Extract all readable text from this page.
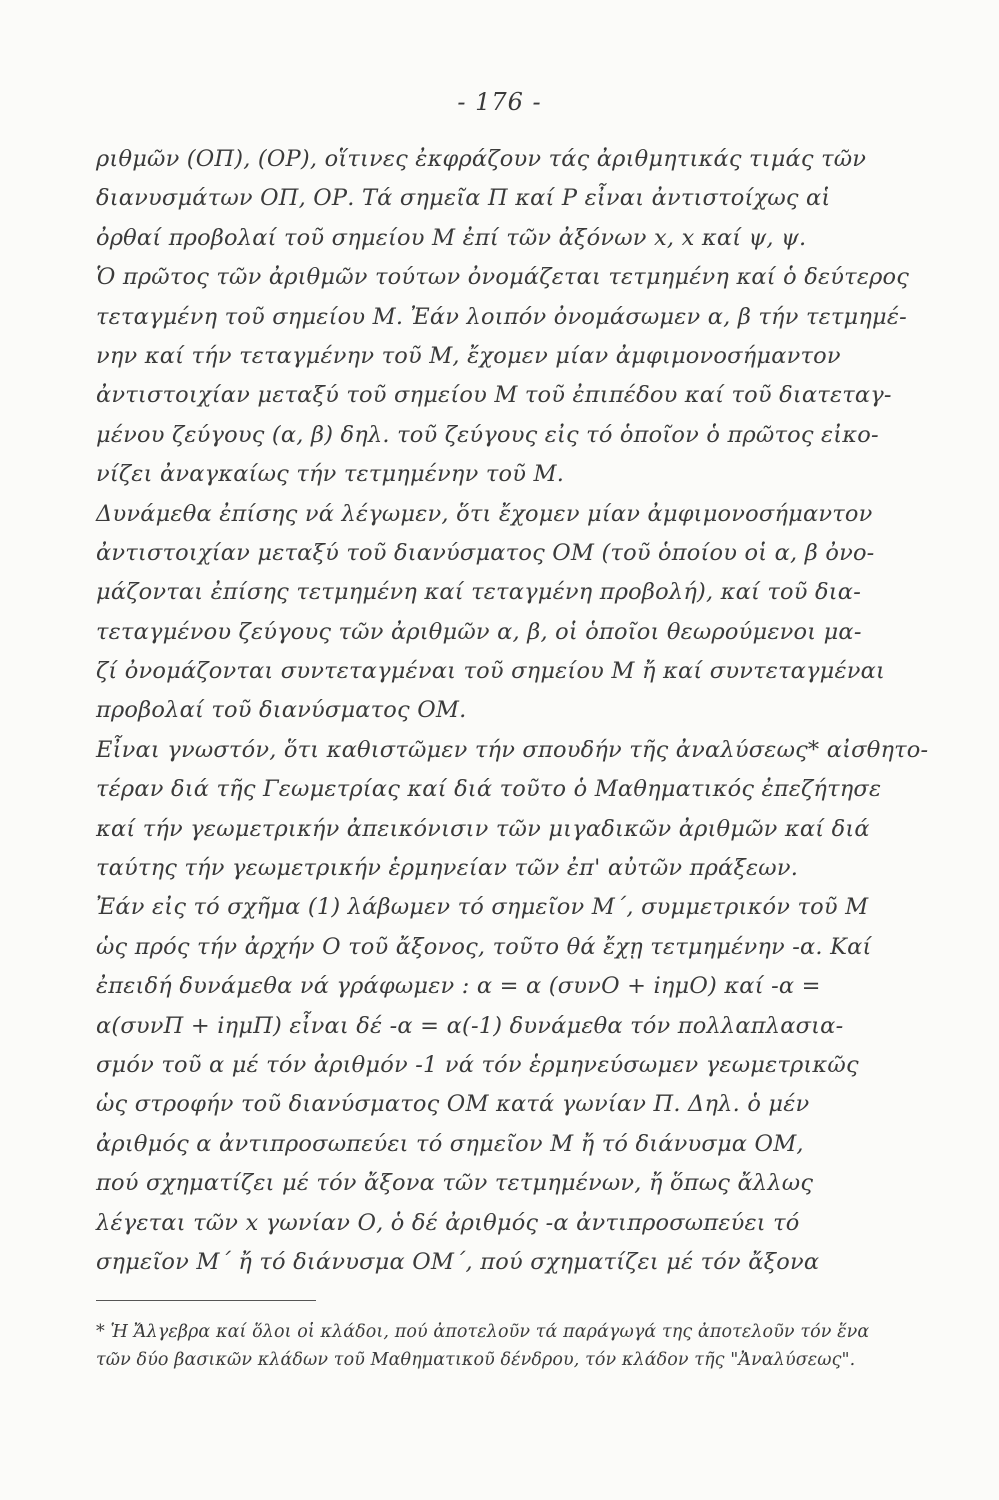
- 176 -
ριθμῶν (ΟΠ), (ΟΡ), οἵτινες ἐκφράζουν τάς ἀριθμητικάς τιμάς τῶν
διανυσμάτων ΟΠ, ΟΡ. Τά σημεῖα Π καί Ρ εἶναι ἀντιστοίχως αἱ
ὀρθαί προβολαί τοῦ σημείου Μ ἐπί τῶν ἀξόνων x, x καί ψ, ψ.
Ὁ πρῶτος τῶν ἀριθμῶν τούτων ὀνομάζεται τετμημένη καί ὁ δεύτερος
τεταγμένη τοῦ σημείου Μ. Ἐάν λοιπόν ὀνομάσωμεν α, β τήν τετμημέ-
νην καί τήν τεταγμένην τοῦ Μ, ἔχομεν μίαν ἀμφιμονοσήμαντον
ἀντιστοιχίαν μεταξύ τοῦ σημείου Μ τοῦ ἐπιπέδου καί τοῦ διατεταγ-
μένου ζεύγους (α, β) δηλ. τοῦ ζεύγους εἰς τό ὁποῖον ὁ πρῶτος εἰκο-
νίζει ἀναγκαίως τήν τετμημένην τοῦ Μ.
Δυνάμεθα ἐπίσης νά λέγωμεν, ὅτι ἔχομεν μίαν ἀμφιμονοσήμαντον
ἀντιστοιχίαν μεταξύ τοῦ διανύσματος ΟΜ (τοῦ ὁποίου οἱ α, β ὀνο-
μάζονται ἐπίσης τετμημένη καί τεταγμένη προβολή), καί τοῦ δια-
τεταγμένου ζεύγους τῶν ἀριθμῶν α, β, οἱ ὁποῖοι θεωρούμενοι μα-
ζί ὀνομάζονται συντεταγμέναι τοῦ σημείου Μ ἤ καί συντεταγμέναι
προβολαί τοῦ διανύσματος ΟΜ.
Εἶναι γνωστόν, ὅτι καθιστῶμεν τήν σπουδήν τῆς ἀναλύσεως* αἰσθητο-
τέραν διά τῆς Γεωμετρίας καί διά τοῦτο ὁ Μαθηματικός ἐπεζήτησε
καί τήν γεωμετρικήν ἀπεικόνισιν τῶν μιγαδικῶν ἀριθμῶν καί διά
ταύτης τήν γεωμετρικήν ἑρμηνείαν τῶν ἐπ' αὐτῶν πράξεων.
Ἐάν εἰς τό σχῆμα (1) λάβωμεν τό σημεῖον Μ΄, συμμετρικόν τοῦ Μ
ὡς πρός τήν ἀρχήν Ο τοῦ ἄξονος, τοῦτο θά ἔχῃ τετμημένην -α. Καί
ἐπειδή δυνάμεθα νά γράφωμεν : α = α (συνΟ + iημΟ) καί -α =
α(συνΠ + iημΠ) εἶναι δέ -α = α(-1) δυνάμεθα τόν πολλαπλασια-
σμόν τοῦ α μέ τόν ἀριθμόν -1 νά τόν ἑρμηνεύσωμεν γεωμετρικῶς
ὡς στροφήν τοῦ διανύσματος ΟΜ κατά γωνίαν Π. Δηλ. ὁ μέν
ἀριθμός α ἀντιπροσωπεύει τό σημεῖον Μ ἤ τό διάνυσμα ΟΜ,
πού σχηματίζει μέ τόν ἄξονα τῶν τετμημένων, ἤ ὅπως ἄλλως
λέγεται τῶν x γωνίαν Ο, ὁ δέ ἀριθμός -α ἀντιπροσωπεύει τό
σημεῖον Μ΄ ἤ τό διάνυσμα ΟΜ΄, πού σχηματίζει μέ τόν ἄξονα
* Ἡ Ἄλγεβρα καί ὅλοι οἱ κλάδοι, πού ἀποτελοῦν τά παράγωγά της ἀποτελοῦν τόν ἕνα
τῶν δύο βασικῶν κλάδων τοῦ Μαθηματικοῦ δένδρου, τόν κλάδον τῆς "Ἀναλύσεως".
